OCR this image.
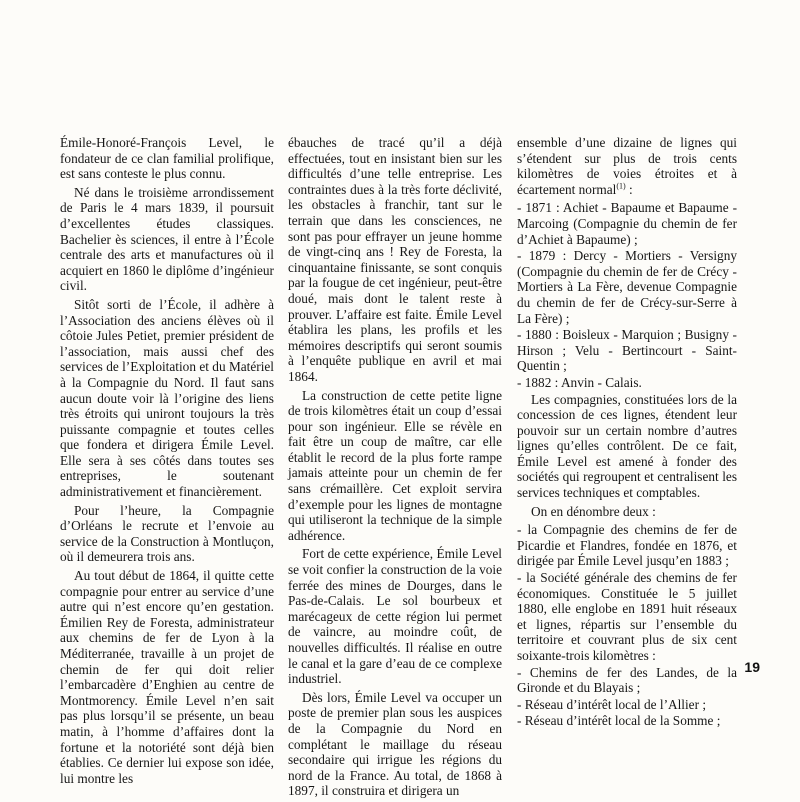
Émile-Honoré-François Level, le fondateur de ce clan familial prolifique, est sans conteste le plus connu.

Né dans le troisième arrondissement de Paris le 4 mars 1839, il poursuit d’excellentes études classiques. Bachelier ès sciences, il entre à l’École centrale des arts et manufactures où il acquiert en 1860 le diplôme d’ingénieur civil.

Sitôt sorti de l’École, il adhère à l’Association des anciens élèves où il côtoie Jules Petiet, premier président de l’association, mais aussi chef des services de l’Exploitation et du Matériel à la Compagnie du Nord. Il faut sans aucun doute voir là l’origine des liens très étroits qui uniront toujours la très puissante compagnie et toutes celles que fondera et dirigera Émile Level. Elle sera à ses côtés dans toutes ses entreprises, le soutenant administrativement et financièrement.

Pour l’heure, la Compagnie d’Orléans le recrute et l’envoie au service de la Construction à Montluçon, où il demeurera trois ans.

Au tout début de 1864, il quitte cette compagnie pour entrer au service d’une autre qui n’est encore qu’en gestation. Émilien Rey de Foresta, administrateur aux chemins de fer de Lyon à la Méditerranée, travaille à un projet de chemin de fer qui doit relier l’embarcadère d’Enghien au centre de Montmorency. Émile Level n’en sait pas plus lorsqu’il se présente, un beau matin, à l’homme d’affaires dont la fortune et la notoriété sont déjà bien établies. Ce dernier lui expose son idée, lui montre les

ébauches de tracé qu’il a déjà effectuées, tout en insistant bien sur les difficultés d’une telle entreprise. Les contraintes dues à la très forte déclivité, les obstacles à franchir, tant sur le terrain que dans les consciences, ne sont pas pour effrayer un jeune homme de vingt-cinq ans ! Rey de Foresta, la cinquantaine finissante, se sont conquis par la fougue de cet ingénieur, peut-être doué, mais dont le talent reste à prouver. L’affaire est faite. Émile Level établira les plans, les profils et les mémoires descriptifs qui seront soumis à l’enquête publique en avril et mai 1864.

La construction de cette petite ligne de trois kilomètres était un coup d’essai pour son ingénieur. Elle se révèle en fait être un coup de maître, car elle établit le record de la plus forte rampe jamais atteinte pour un chemin de fer sans crémaillère. Cet exploit servira d’exemple pour les lignes de montagne qui utiliseront la technique de la simple adhérence.

Fort de cette expérience, Émile Level se voit confier la construction de la voie ferrée des mines de Dourges, dans le Pas-de-Calais. Le sol bourbeux et marécageux de cette région lui permet de vaincre, au moindre coût, de nouvelles difficultés. Il réalise en outre le canal et la gare d’eau de ce complexe industriel.

Dès lors, Émile Level va occuper un poste de premier plan sous les auspices de la Compagnie du Nord en complétant le maillage du réseau secondaire qui irrigue les régions du nord de la France. Au total, de 1868 à 1897, il construira et dirigera un

ensemble d’une dizaine de lignes qui s’étendent sur plus de trois cents kilomètres de voies étroites et à écartement normal$^{(1)}$ :

- 1871 : Achiet - Bapaume et Bapaume - Marcoing (Compagnie du chemin de fer d’Achiet à Bapaume) ;

- 1879 : Dercy - Mortiers - Versigny (Compagnie du chemin de fer de Crécy - Mortiers à La Fère, devenue Compagnie du chemin de fer de Crécy-sur-Serre à La Fère) ;

- 1880 : Boisleux - Marquion ; Busigny - Hirson ; Velu - Bertincourt - Saint-Quentin ;

- 1882 : Anvin - Calais.

Les compagnies, constituées lors de la concession de ces lignes, étendent leur pouvoir sur un certain nombre d’autres lignes qu’elles contrôlent. De ce fait, Émile Level est amené à fonder des sociétés qui regroupent et centralisent les services techniques et comptables.

On en dénombre deux :

- la Compagnie des chemins de fer de Picardie et Flandres, fondée en 1876, et dirigée par Émile Level jusqu’en 1883 ;

- la Société générale des chemins de fer économiques. Constituée le 5 juillet 1880, elle englobe en 1891 huit réseaux et lignes, répartis sur l’ensemble du territoire et couvrant plus de six cent soixante-trois kilomètres :

- Chemins de fer des Landes, de la Gironde et du Blayais ;

- Réseau d’intérêt local de l’Allier ;

- Réseau d’intérêt local de la Somme ;

19
